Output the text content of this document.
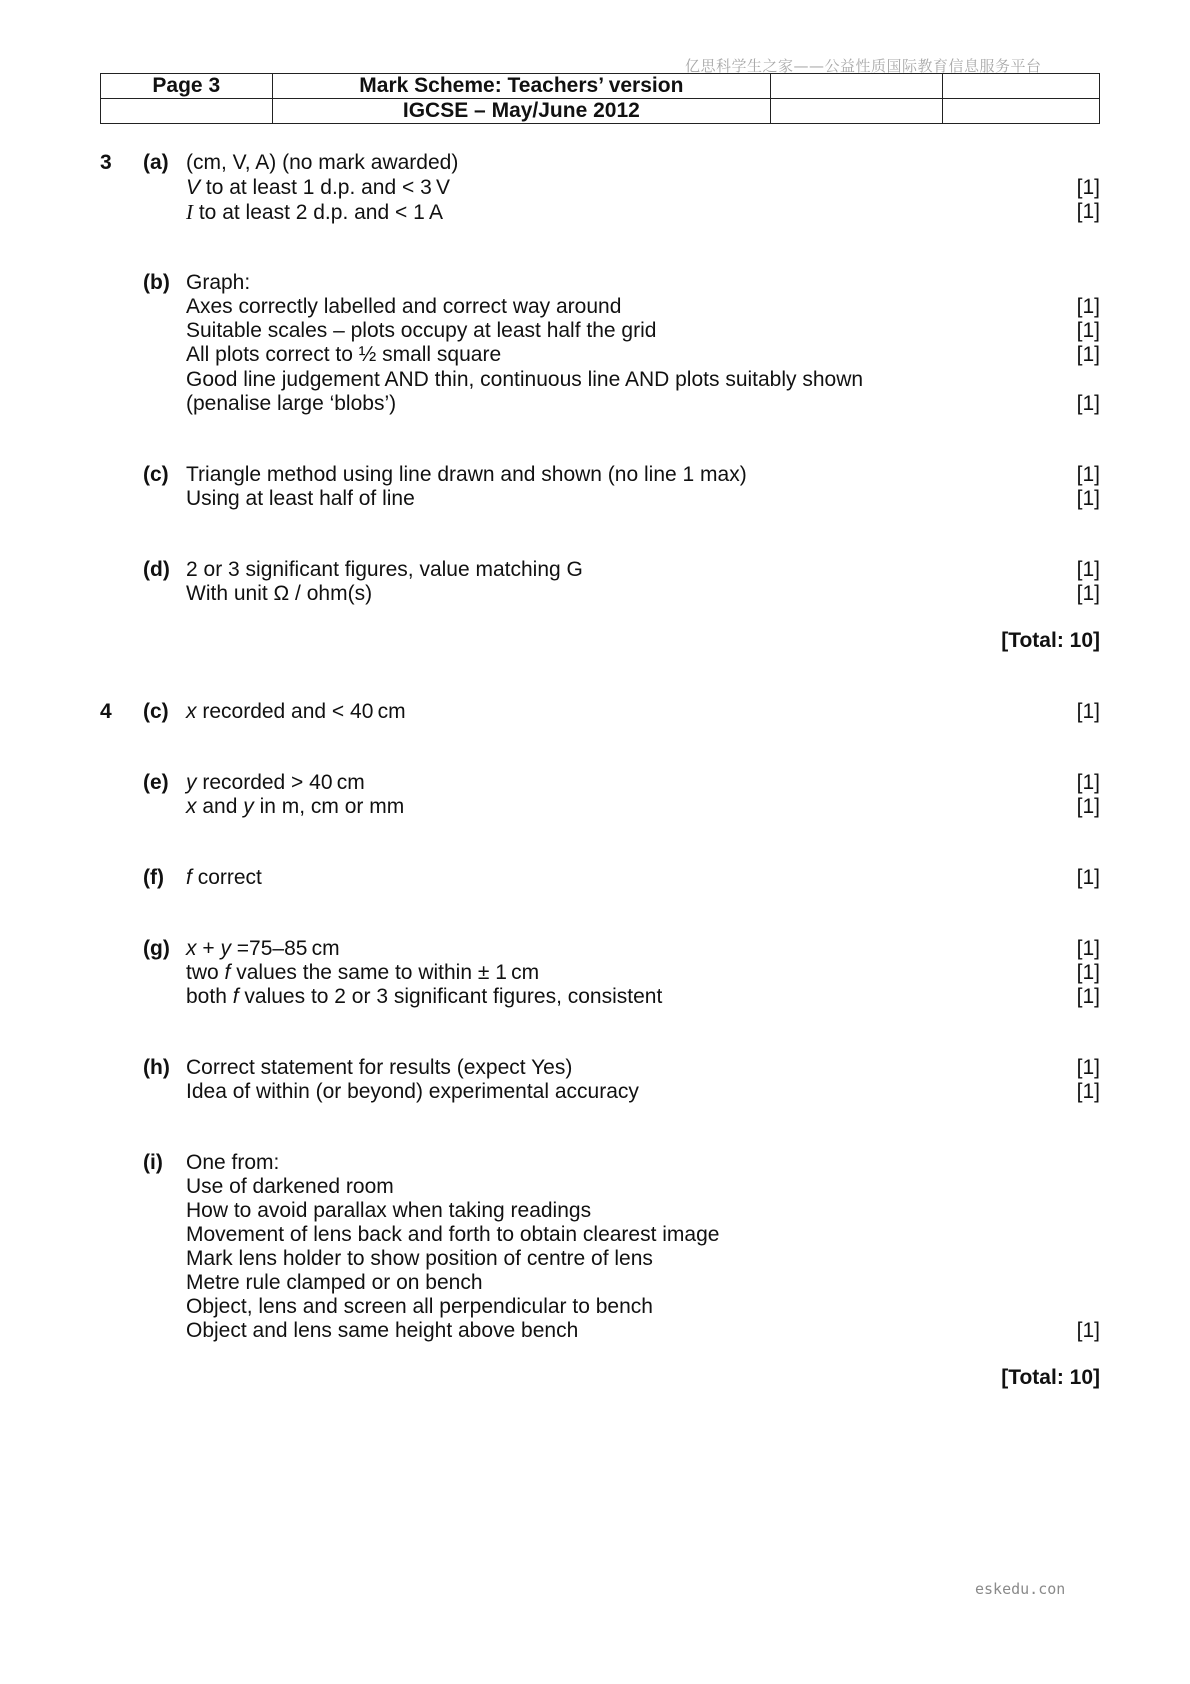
亿思科学生之家——公益性质国际教育信息服务平台
Page 3	Mark Scheme: Teachers’ version		
	IGCSE – May/June 2012		
3 (a) (cm, V, A) (no mark awarded)
V to at least 1 d.p. and < 3 V	[1]
I to at least 2 d.p. and < 1 A	[1]
(b) Graph:
Axes correctly labelled and correct way around	[1]
Suitable scales – plots occupy at least half the grid	[1]
All plots correct to ½ small square	[1]
Good line judgement AND thin, continuous line AND plots suitably shown
(penalise large ‘blobs’)	[1]
(c) Triangle method using line drawn and shown (no line 1 max)	[1]
Using at least half of line	[1]
(d) 2 or 3 significant figures, value matching G	[1]
With unit Ω / ohm(s)	[1]
[Total: 10]
4 (c) x recorded and < 40 cm	[1]
(e) y recorded > 40 cm	[1]
x and y in m, cm or mm	[1]
(f) f correct	[1]
(g) x + y =75–85 cm	[1]
two f values the same to within ± 1 cm	[1]
both f values to 2 or 3 significant figures, consistent	[1]
(h) Correct statement for results (expect Yes)	[1]
Idea of within (or beyond) experimental accuracy	[1]
(i) One from:
Use of darkened room
How to avoid parallax when taking readings
Movement of lens back and forth to obtain clearest image
Mark lens holder to show position of centre of lens
Metre rule clamped or on bench
Object, lens and screen all perpendicular to bench
Object and lens same height above bench	[1]
[Total: 10]
eskedu.con
